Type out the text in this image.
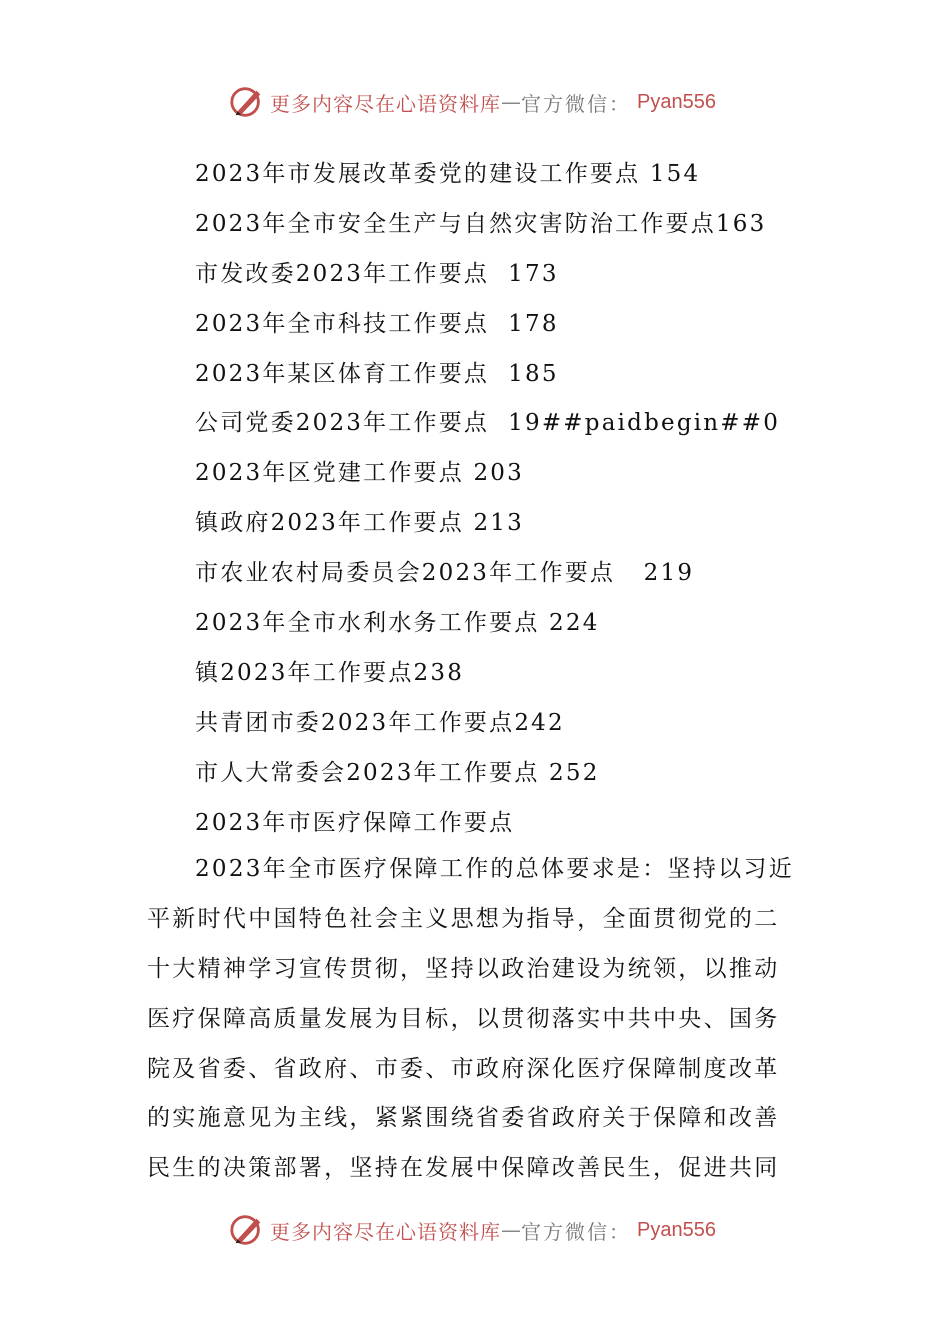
更多内容尽在心语资料库 — 官方微信： Pyan556
2023年市发展改革委党的建设工作要点 154
2023年全市安全生产与自然灾害防治工作要点163
市发改委2023年工作要点  173
2023年全市科技工作要点  178
2023年某区体育工作要点  185
公司党委2023年工作要点  19##paidbegin##0
2023年区党建工作要点 203
镇政府2023年工作要点 213
市农业农村局委员会2023年工作要点   219
2023年全市水利水务工作要点 224
镇2023年工作要点238
共青团市委2023年工作要点242
市人大常委会2023年工作要点 252
2023年市医疗保障工作要点
2023年全市医疗保障工作的总体要求是：坚持以习近
平新时代中国特色社会主义思想为指导，全面贯彻党的二
十大精神学习宣传贯彻，坚持以政治建设为统领，以推动
医疗保障高质量发展为目标，以贯彻落实中共中央、国务
院及省委、省政府、市委、市政府深化医疗保障制度改革
的实施意见为主线，紧紧围绕省委省政府关于保障和改善
民生的决策部署，坚持在发展中保障改善民生，促进共同
更多内容尽在心语资料库 — 官方微信： Pyan556
